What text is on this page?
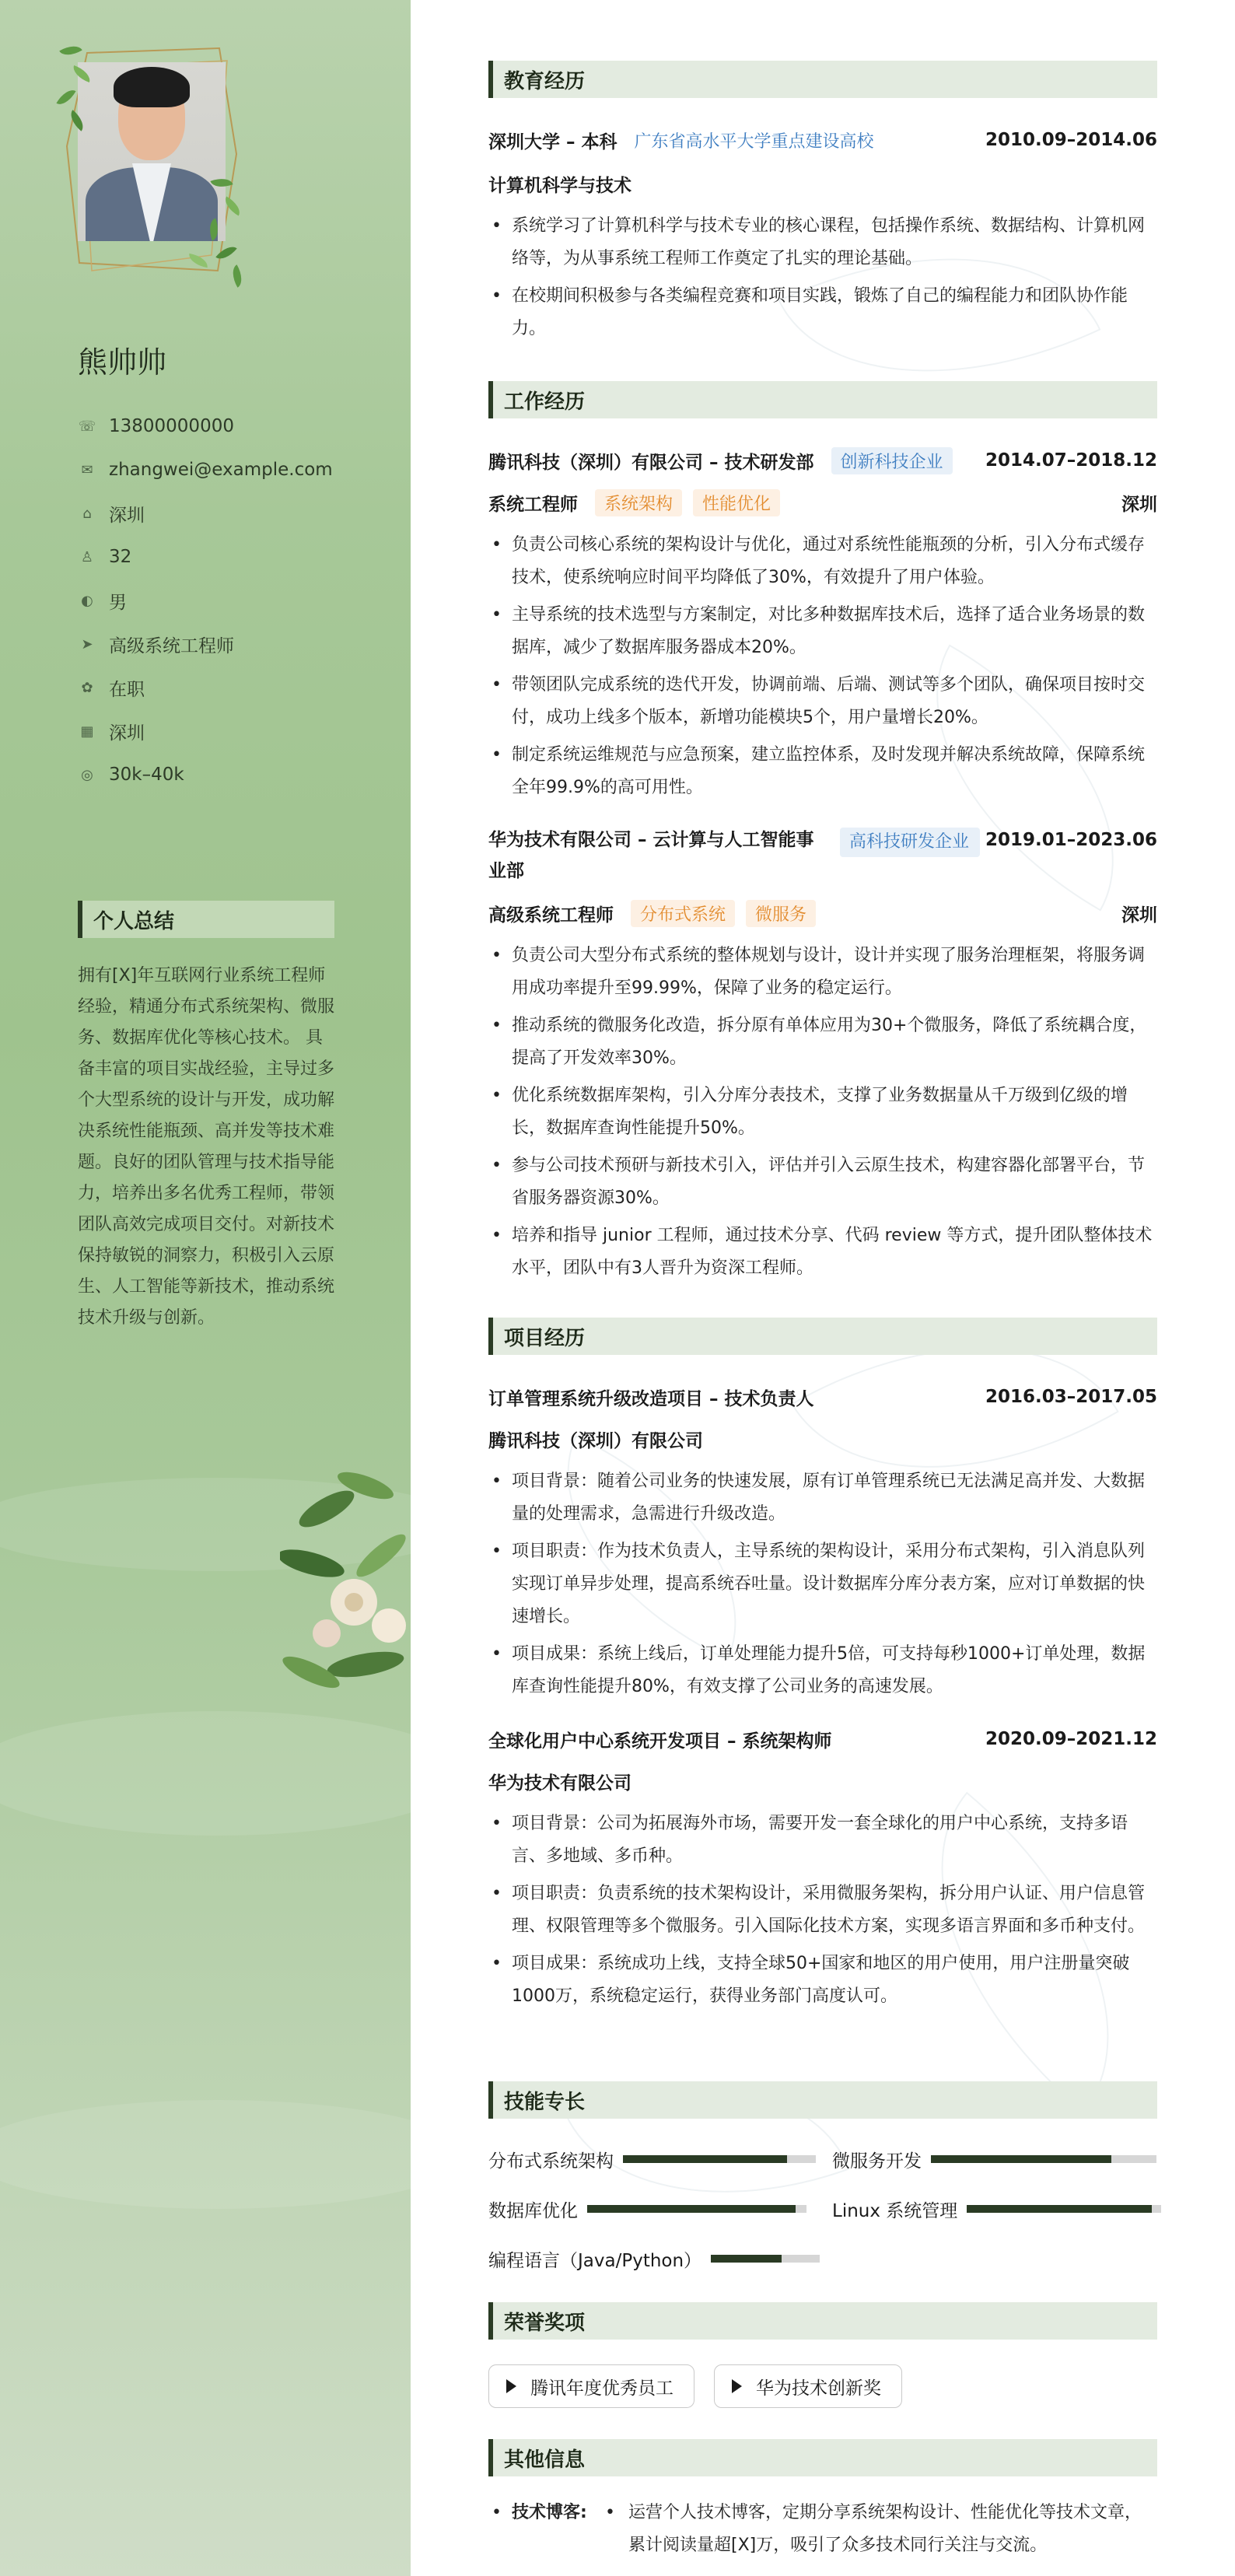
熊帅帅
☏ 13800000000
✉ zhangwei@example.com
⌂ 深圳
♙ 32
◐ 男
➤ 高级系统工程师
✿ 在职
▦ 深圳
◎ 30k–40k
个人总结
拥有[X]年互联网行业系统工程师经验，精通分布式系统架构、微服务、数据库优化等核心技术。 具备丰富的项目实战经验，主导过多个大型系统的设计与开发，成功解决系统性能瓶颈、高并发等技术难题。良好的团队管理与技术指导能力，培养出多名优秀工程师，带领团队高效完成项目交付。对新技术保持敏锐的洞察力，积极引入云原生、人工智能等新技术，推动系统技术升级与创新。
教育经历
深圳大学 – 本科 广东省高水平大学重点建设高校	2010.09–2014.06
计算机科学与技术
• 系统学习了计算机科学与技术专业的核心课程，包括操作系统、数据结构、计算机网络等，为从事系统工程师工作奠定了扎实的理论基础。
• 在校期间积极参与各类编程竞赛和项目实践，锻炼了自己的编程能力和团队协作能力。
工作经历
腾讯科技（深圳）有限公司 – 技术研发部	创新科技企业	2014.07–2018.12
系统工程师	系统架构	性能优化	深圳
• 负责公司核心系统的架构设计与优化，通过对系统性能瓶颈的分析，引入分布式缓存技术，使系统响应时间平均降低了30%，有效提升了用户体验。
• 主导系统的技术选型与方案制定，对比多种数据库技术后，选择了适合业务场景的数据库，减少了数据库服务器成本20%。
• 带领团队完成系统的迭代开发，协调前端、后端、测试等多个团队，确保项目按时交付，成功上线多个版本，新增功能模块5个，用户量增长20%。
• 制定系统运维规范与应急预案，建立监控体系，及时发现并解决系统故障，保障系统全年99.9%的高可用性。
华为技术有限公司 – 云计算与人工智能事业部
高科技研发企业 2019.01–2023.06
高级系统工程师	分布式系统	微服务	深圳
• 负责公司大型分布式系统的整体规划与设计，设计并实现了服务治理框架，将服务调用成功率提升至99.99%，保障了业务的稳定运行。
• 推动系统的微服务化改造，拆分原有单体应用为30+个微服务，降低了系统耦合度，提高了开发效率30%。
• 优化系统数据库架构，引入分库分表技术，支撑了业务数据量从千万级到亿级的增长，数据库查询性能提升50%。
• 参与公司技术预研与新技术引入，评估并引入云原生技术，构建容器化部署平台，节省服务器资源30%。
• 培养和指导 junior 工程师，通过技术分享、代码 review 等方式，提升团队整体技术水平，团队中有3人晋升为资深工程师。
项目经历
订单管理系统升级改造项目 – 技术负责人	2016.03–2017.05
腾讯科技（深圳）有限公司
• 项目背景：随着公司业务的快速发展，原有订单管理系统已无法满足高并发、大数据量的处理需求，急需进行升级改造。
• 项目职责：作为技术负责人，主导系统的架构设计，采用分布式架构，引入消息队列实现订单异步处理，提高系统吞吐量。设计数据库分库分表方案，应对订单数据的快速增长。
• 项目成果：系统上线后，订单处理能力提升5倍，可支持每秒1000+订单处理，数据库查询性能提升80%，有效支撑了公司业务的高速发展。
全球化用户中心系统开发项目 – 系统架构师	2020.09–2021.12
华为技术有限公司
• 项目背景：公司为拓展海外市场，需要开发一套全球化的用户中心系统，支持多语言、多地域、多币种。
• 项目职责：负责系统的技术架构设计，采用微服务架构，拆分用户认证、用户信息管理、权限管理等多个微服务。引入国际化技术方案，实现多语言界面和多币种支付。
• 项目成果：系统成功上线，支持全球50+国家和地区的用户使用，用户注册量突破1000万，系统稳定运行，获得业务部门高度认可。
技能专长
分布式系统架构	微服务开发
数据库优化	Linux 系统管理
编程语言（Java/Python）
荣誉奖项
腾讯年度优秀员工	华为技术创新奖
其他信息
• 技术博客:	• 运营个人技术博客，定期分享系统架构设计、性能优化等技术文章，累计阅读量超[X]万，吸引了众多技术同行关注与交流。
